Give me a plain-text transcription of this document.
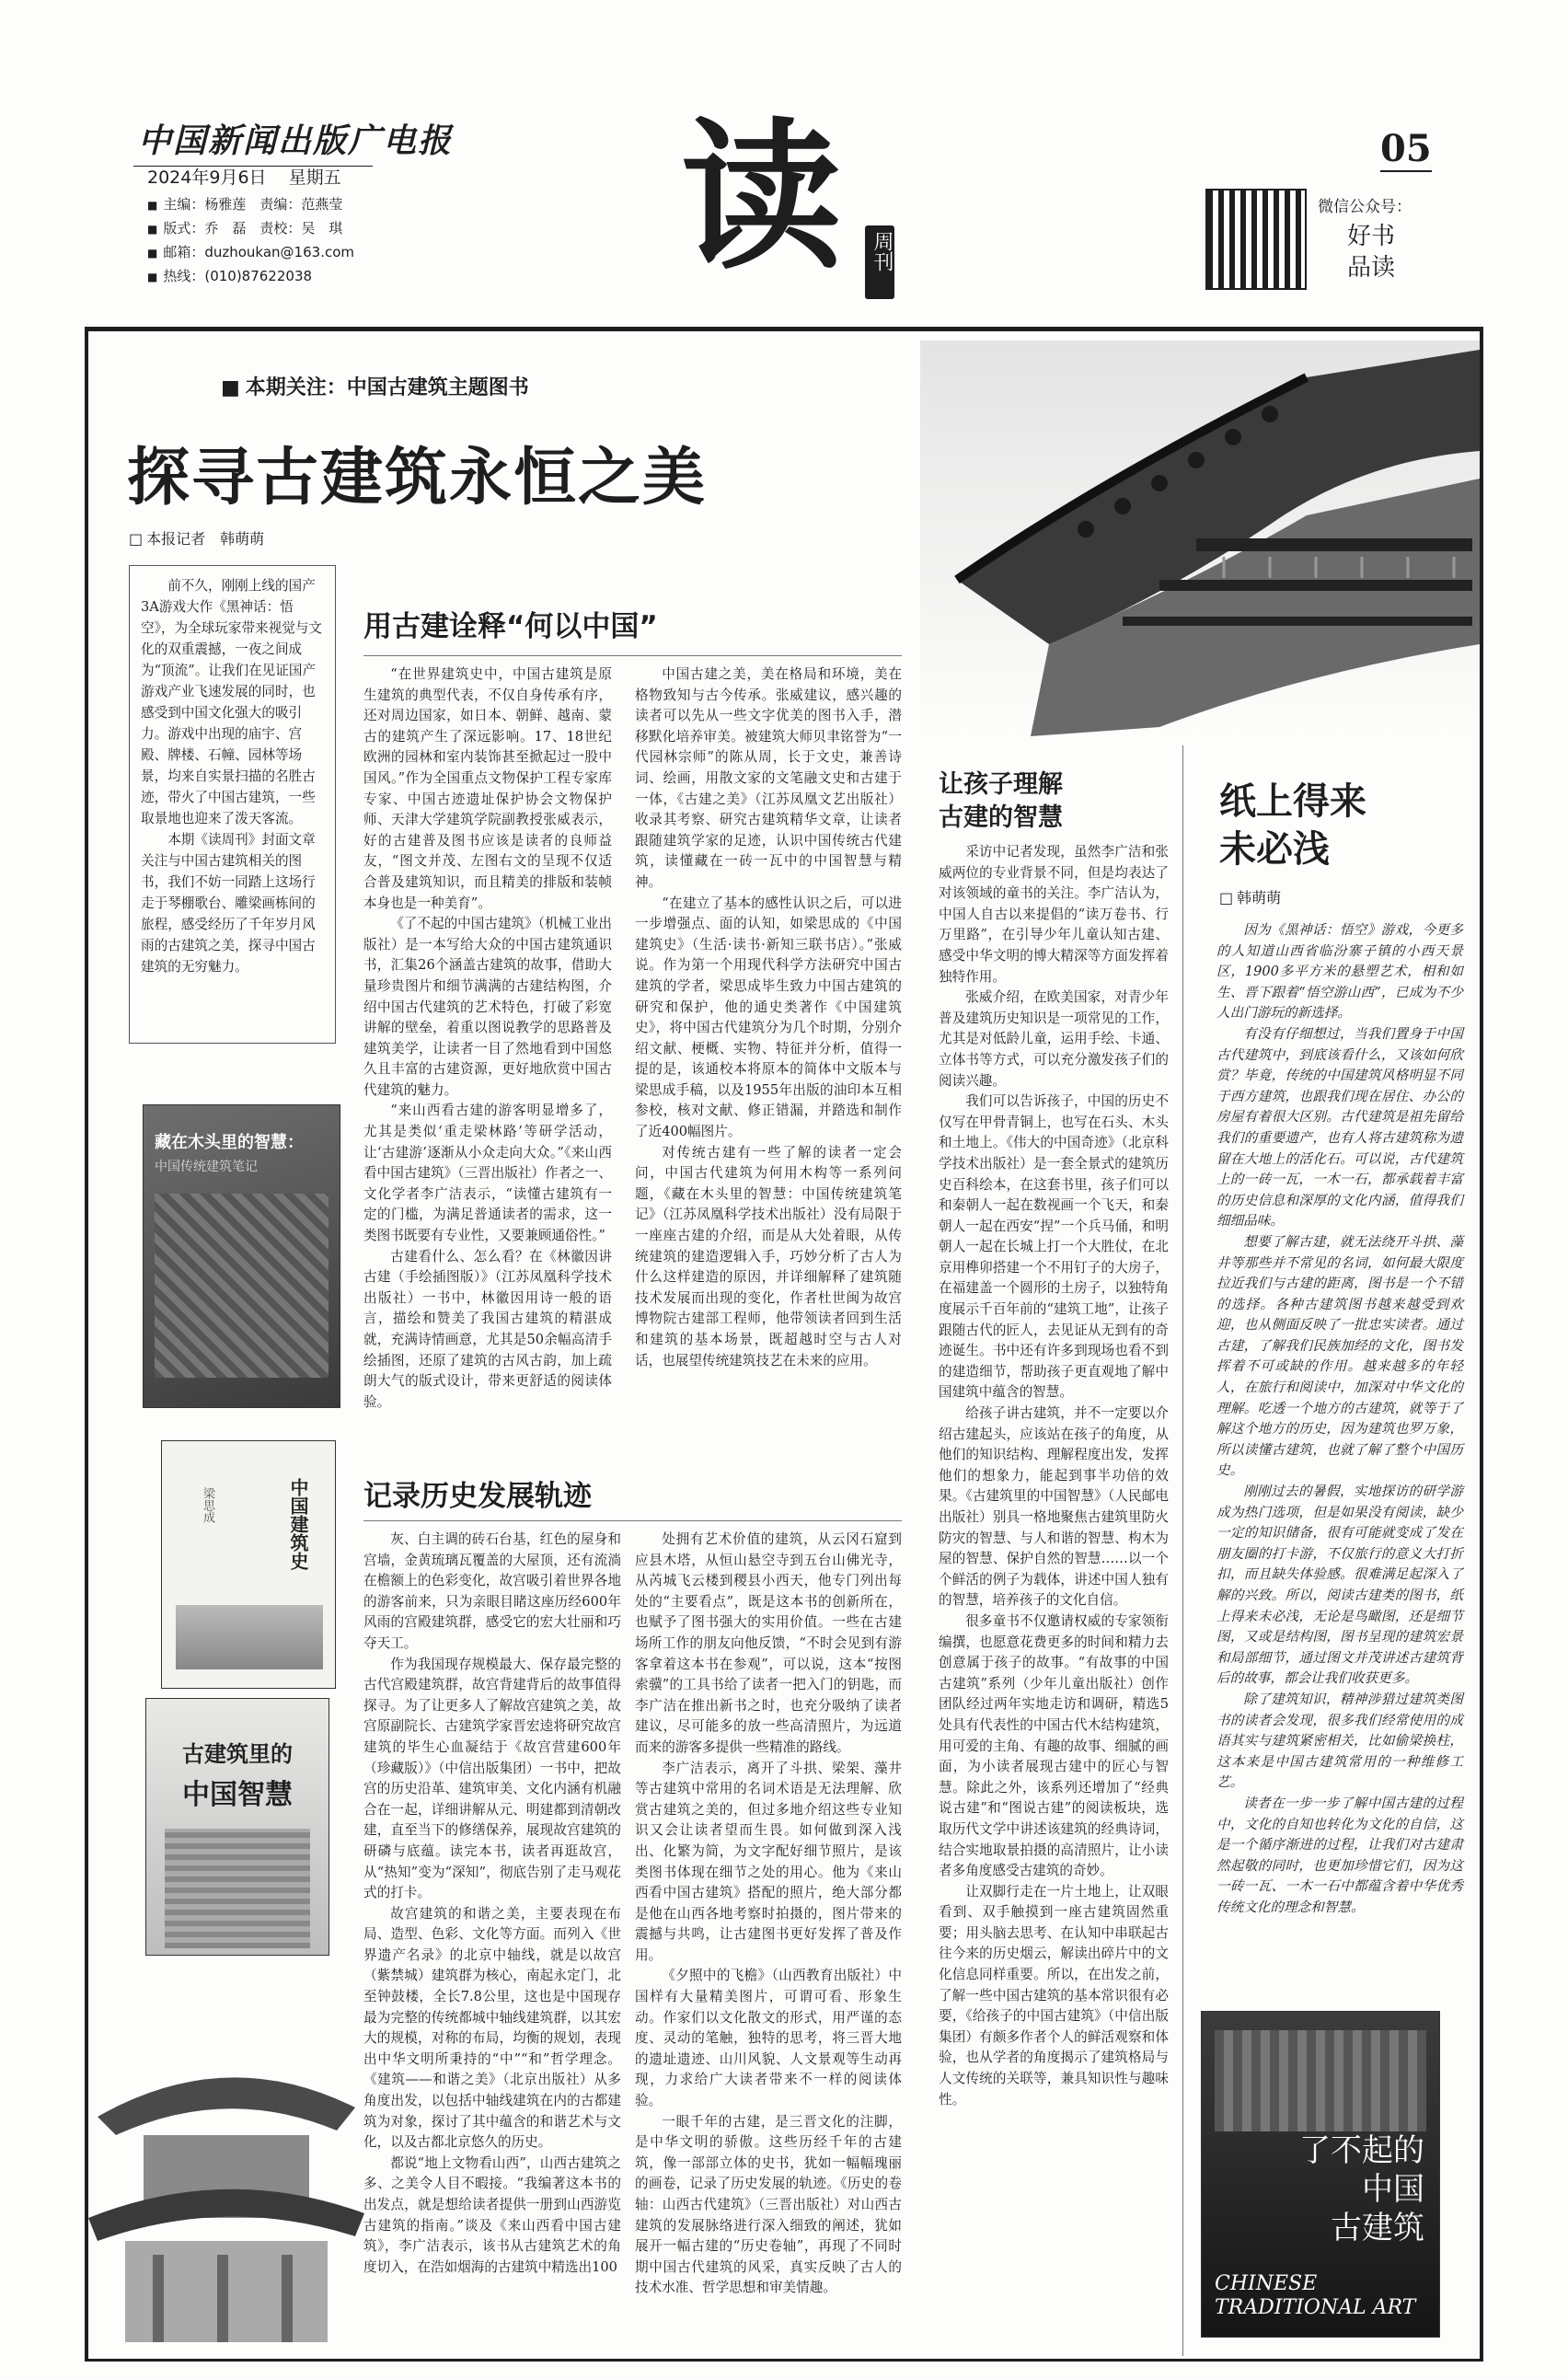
中国新闻出版广电报
2024年9月6日 星期五
■ 主编：杨雅莲　责编：范燕莹
■ 版式：乔　磊　责校：吴　琪
■ 邮箱：duzhoukan@163.com
■ 热线：(010)87622038 读 周刊
05
微信公众号：
好书品读
■ 本期关注：中国古建筑主题图书
探寻古建筑永恒之美
□ 本报记者　韩萌萌

前不久，刚刚上线的国产3A游戏大作《黑神话：悟空》，为全球玩家带来视觉与文化的双重震撼，一夜之间成为“顶流”。让我们在见证国产游戏产业飞速发展的同时，也感受到中国文化强大的吸引力。游戏中出现的庙宇、宫殿、牌楼、石幢、园林等场景，均来自实景扫描的名胜古迹，带火了中国古建筑，一些取景地也迎来了泼天客流。

本期《读周刊》封面文章关注与中国古建筑相关的图书，我们不妨一同踏上这场行走于琴棚歌台、雕梁画栋间的旅程，感受经历了千年岁月风雨的古建筑之美，探寻中国古建筑的无穷魅力。

用古建诠释“何以中国”

“在世界建筑史中，中国古建筑是原生建筑的典型代表，不仅自身传承有序，还对周边国家，如日本、朝鲜、越南、蒙古的建筑产生了深远影响。17、18世纪欧洲的园林和室内装饰甚至掀起过一股中国风。”作为全国重点文物保护工程专家库专家、中国古迹遗址保护协会文物保护师、天津大学建筑学院副教授张威表示，好的古建普及图书应该是读者的良师益友，“图文并茂、左图右文的呈现不仅适合普及建筑知识，而且精美的排版和装帧本身也是一种美育”。

《了不起的中国古建筑》（机械工业出版社）是一本写给大众的中国古建筑通识书，汇集26个涵盖古建筑的故事，借助大量珍贵图片和细节满满的古建结构图，介绍中国古代建筑的艺术特色，打破了彩宽讲解的壁垒，着重以图说教学的思路普及建筑美学，让读者一目了然地看到中国悠久且丰富的古建资源，更好地欣赏中国古代建筑的魅力。

“来山西看古建的游客明显增多了，尤其是类似‘重走梁林路’等研学活动，让‘古建游’逐渐从小众走向大众。”《来山西看中国古建筑》（三晋出版社）作者之一、文化学者李广洁表示，“读懂古建筑有一定的门槛，为满足普通读者的需求，这一类图书既要有专业性，又要兼顾通俗性。”

古建看什么、怎么看？在《林徽因讲古建（手绘插图版）》（江苏凤凰科学技术出版社）一书中，林徽因用诗一般的语言，描绘和赞美了我国古建筑的精湛成就，充满诗情画意，尤其是50余幅高清手绘插图，还原了建筑的古风古韵，加上疏朗大气的版式设计，带来更舒适的阅读体验。

中国古建之美，美在格局和环境，美在格物致知与古今传承。张威建议，感兴趣的读者可以先从一些文字优美的图书入手，潜移默化培养审美。被建筑大师贝聿铭誉为“一代园林宗师”的陈从周，长于文史，兼善诗词、绘画，用散文家的文笔融文史和古建于一体，《古建之美》（江苏凤凰文艺出版社）收录其考察、研究古建筑精华文章，让读者跟随建筑学家的足迹，认识中国传统古代建筑，读懂藏在一砖一瓦中的中国智慧与精神。

“在建立了基本的感性认识之后，可以进一步增强点、面的认知，如梁思成的《中国建筑史》（生活·读书·新知三联书店）。”张威说。作为第一个用现代科学方法研究中国古建筑的学者，梁思成毕生致力中国古建筑的研究和保护，他的通史类著作《中国建筑史》，将中国古代建筑分为几个时期，分别介绍文献、梗概、实物、特征并分析，值得一提的是，该通校本将原本的简体中文版本与梁思成手稿，以及1955年出版的油印本互相参校，核对文献、修正错漏，并踏选和制作了近400幅图片。

对传统古建有一些了解的读者一定会问，中国古代建筑为何用木构等一系列问题，《藏在木头里的智慧：中国传统建筑笔记》（江苏凤凰科学技术出版社）没有局限于一座座古建的介绍，而是从大处着眼，从传统建筑的建造逻辑入手，巧妙分析了古人为什么这样建造的原因，并详细解释了建筑随技术发展而出现的变化，作者杜世闽为故宫博物院古建部工程师，他带领读者回到生活和建筑的基本场景，既超越时空与古人对话，也展望传统建筑技艺在未来的应用。

让孩子理解
古建的智慧

采访中记者发现，虽然李广洁和张威两位的专业背景不同，但是均表达了对该领域的童书的关注。李广洁认为，中国人自古以来提倡的“读万卷书、行万里路”，在引导少年儿童认知古建、感受中华文明的博大精深等方面发挥着独特作用。

张威介绍，在欧美国家，对青少年普及建筑历史知识是一项常见的工作，尤其是对低龄儿童，运用手绘、卡通、立体书等方式，可以充分激发孩子们的阅读兴趣。

我们可以告诉孩子，中国的历史不仅写在甲骨青铜上，也写在石头、木头和土地上。《伟大的中国奇迹》（北京科学技术出版社）是一套全景式的建筑历史百科绘本，在这套书里，孩子们可以和秦朝人一起在数视画一个飞天，和秦朝人一起在西安“捏”一个兵马俑，和明朝人一起在长城上打一个大胜仗，在北京用榫卯搭建一个不用钉子的大房子，在福建盖一个圆形的土房子，以独特角度展示千百年前的“建筑工地”，让孩子跟随古代的匠人，去见证从无到有的奇迹诞生。书中还有许多到现场也看不到的建造细节，帮助孩子更直观地了解中国建筑中蕴含的智慧。

给孩子讲古建筑，并不一定要以介绍古建起头，应该站在孩子的角度，从他们的知识结构、理解程度出发，发挥他们的想象力，能起到事半功倍的效果。《古建筑里的中国智慧》（人民邮电出版社）别具一格地聚焦古建筑里防火防灾的智慧、与人和谐的智慧、构木为屋的智慧、保护自然的智慧……以一个个鲜活的例子为载体，讲述中国人独有的智慧，培养孩子的文化自信。

很多童书不仅邀请权威的专家领衔编撰，也愿意花费更多的时间和精力去创意属于孩子的故事。“有故事的中国古建筑”系列（少年儿童出版社）创作团队经过两年实地走访和调研，精选5处具有代表性的中国古代木结构建筑，用可爱的主角、有趣的故事、细腻的画面，为小读者展现古建中的匠心与智慧。除此之外，该系列还增加了“经典说古建”和“图说古建”的阅读板块，选取历代文学中讲述该建筑的经典诗词，结合实地取景拍摄的高清照片，让小读者多角度感受古建筑的奇妙。

让双脚行走在一片土地上，让双眼看到、双手触摸到一座古建筑固然重要；用头脑去思考、在认知中串联起古往今来的历史烟云，解读出碎片中的文化信息同样重要。所以，在出发之前，了解一些中国古建筑的基本常识很有必要，《给孩子的中国古建筑》（中信出版集团）有颇多作者个人的鲜活观察和体验，也从学者的角度揭示了建筑格局与人文传统的关联等，兼具知识性与趣味性。

记录历史发展轨迹

灰、白主调的砖石台基，红色的屋身和宫墙，金黄琉璃瓦覆盖的大屋顶，还有流淌在檐额上的色彩变化，故宫吸引着世界各地的游客前来，只为亲眼目睹这座历经600年风雨的宫殿建筑群，感受它的宏大壮丽和巧夺天工。

作为我国现存规模最大、保存最完整的古代宫殿建筑群，故宫背建背后的故事值得探寻。为了让更多人了解故宫建筑之美，故宫原副院长、古建筑学家晋宏逵将研究故宫建筑的毕生心血凝结于《故宫营建600年（珍藏版）》（中信出版集团）一书中，把故宫的历史沿革、建筑审美、文化内涵有机融合在一起，详细讲解从元、明建都到清朝改建，直至当下的修缮保养，展现故宫建筑的研磷与底蕴。读完本书，读者再逛故宫，从“热知”变为“深知”，彻底告别了走马观花式的打卡。

故宫建筑的和谐之美，主要表现在布局、造型、色彩、文化等方面。而列入《世界遗产名录》的北京中轴线，就是以故宫（紫禁城）建筑群为核心，南起永定门，北至钟鼓楼，全长7.8公里，这也是中国现存最为完整的传统都城中轴线建筑群，以其宏大的规模，对称的布局，均衡的规划，表现出中华文明所秉持的“中”“和”哲学理念。《建筑——和谐之美》（北京出版社）从多角度出发，以包括中轴线建筑在内的古都建筑为对象，探讨了其中蕴含的和谐艺术与文化，以及古都北京悠久的历史。

都说“地上文物看山西”，山西古建筑之多、之美令人目不暇接。“我编著这本书的出发点，就是想给读者提供一册到山西游览古建筑的指南。”谈及《来山西看中国古建筑》，李广洁表示，该书从古建筑艺术的角度切入，在浩如烟海的古建筑中精选出100

处拥有艺术价值的建筑，从云冈石窟到应县木塔，从恒山悬空寺到五台山佛光寺，从芮城飞云楼到稷县小西天，他专门列出每处的“主要看点”，既是这本书的创新所在，也赋予了图书强大的实用价值。一些在古建场所工作的朋友向他反馈，“不时会见到有游客拿着这本书在参观”，可以说，这本“按图索骥”的工具书给了读者一把入门的钥匙，而李广洁在推出新书之时，也充分吸纳了读者建议，尽可能多的放一些高清照片，为远道而来的游客多提供一些精准的路线。

李广洁表示，离开了斗拱、梁架、藻井等古建筑中常用的名词术语是无法理解、欣赏古建筑之美的，但过多地介绍这些专业知识又会让读者望而生畏。如何做到深入浅出、化繁为简，为文字配好细节照片，是该类图书体现在细节之处的用心。他为《来山西看中国古建筑》搭配的照片，绝大部分都是他在山西各地考察时拍摄的，图片带来的震撼与共鸣，让古建图书更好发挥了普及作用。

《夕照中的飞檐》（山西教育出版社）中国样有大量精美图片，可谓可看、形象生动。作家们以文化散文的形式，用严谨的态度、灵动的笔触，独特的思考，将三晋大地的遗址遗迹、山川风貌、人文景观等生动再现，力求给广大读者带来不一样的阅读体验。

一眼千年的古建，是三晋文化的注脚，是中华文明的骄傲。这些历经千年的古建筑，像一部部立体的史书，犹如一幅幅瑰丽的画卷，记录了历史发展的轨迹。《历史的卷轴：山西古代建筑》（三晋出版社）对山西古建筑的发展脉络进行深入细致的阐述，犹如展开一幅古建的“历史卷轴”，再现了不同时期中国古代建筑的风采，真实反映了古人的技术水准、哲学思想和审美情趣。

藏在木头里的智慧：
中国传统建筑笔记
中国建筑史
梁思成
古建筑里的
中国智慧
纸上得来
未必浅
□ 韩萌萌

因为《黑神话：悟空》游戏，今更多的人知道山西省临汾寨子镇的小西天景区，1900多平方米的悬塑艺术，相和如生、晋下跟着“悟空游山西”，已成为不少人出门游玩的新选择。

有没有仔细想过，当我们置身于中国古代建筑中，到底该看什么，又该如何欣赏？毕竟，传统的中国建筑风格明显不同于西方建筑，也跟我们现在居住、办公的房屋有着很大区别。古代建筑是祖先留给我们的重要遗产，也有人将古建筑称为遗留在大地上的活化石。可以说，古代建筑上的一砖一瓦，一木一石，都承载着丰富的历史信息和深厚的文化内涵，值得我们细细品味。

想要了解古建，就无法绕开斗拱、藻井等那些并不常见的名词，如何最大限度拉近我们与古建的距离，图书是一个不错的选择。各种古建筑图书越来越受到欢迎，也从侧面反映了一批忠实读者。通过古建，了解我们民族加经的文化，图书发挥着不可或缺的作用。越来越多的年轻人，在旅行和阅读中，加深对中华文化的理解。吃透一个地方的古建筑，就等于了解这个地方的历史，因为建筑也罗万象，所以读懂古建筑，也就了解了整个中国历史。

刚刚过去的暑假，实地探访的研学游成为热门选项，但是如果没有阅读，缺少一定的知识储备，很有可能就变成了发在朋友圈的打卡游，不仅旅行的意义大打折扣，而且缺失体验感。很难满足起深入了解的兴致。所以，阅读古建类的图书，纸上得来未必浅，无论是鸟瞰图，还是细节图，又或是结构图，图书呈现的建筑宏景和局部细节，通过图文并茂讲述古建筑背后的故事，都会让我们收获更多。

除了建筑知识，精神涉猎过建筑类图书的读者会发现，很多我们经常使用的成语其实与建筑紧密相关，比如偷梁换柱，这本来是中国古建筑常用的一种维修工艺。

读者在一步一步了解中国古建的过程中，文化的自知也转化为文化的自信，这是一个循序渐进的过程，让我们对古建肃然起敬的同时，也更加珍惜它们，因为这一砖一瓦、一木一石中都蕴含着中华优秀传统文化的理念和智慧。

了不起的
中国
古建筑
CHINESE
TRADITIONAL ART
